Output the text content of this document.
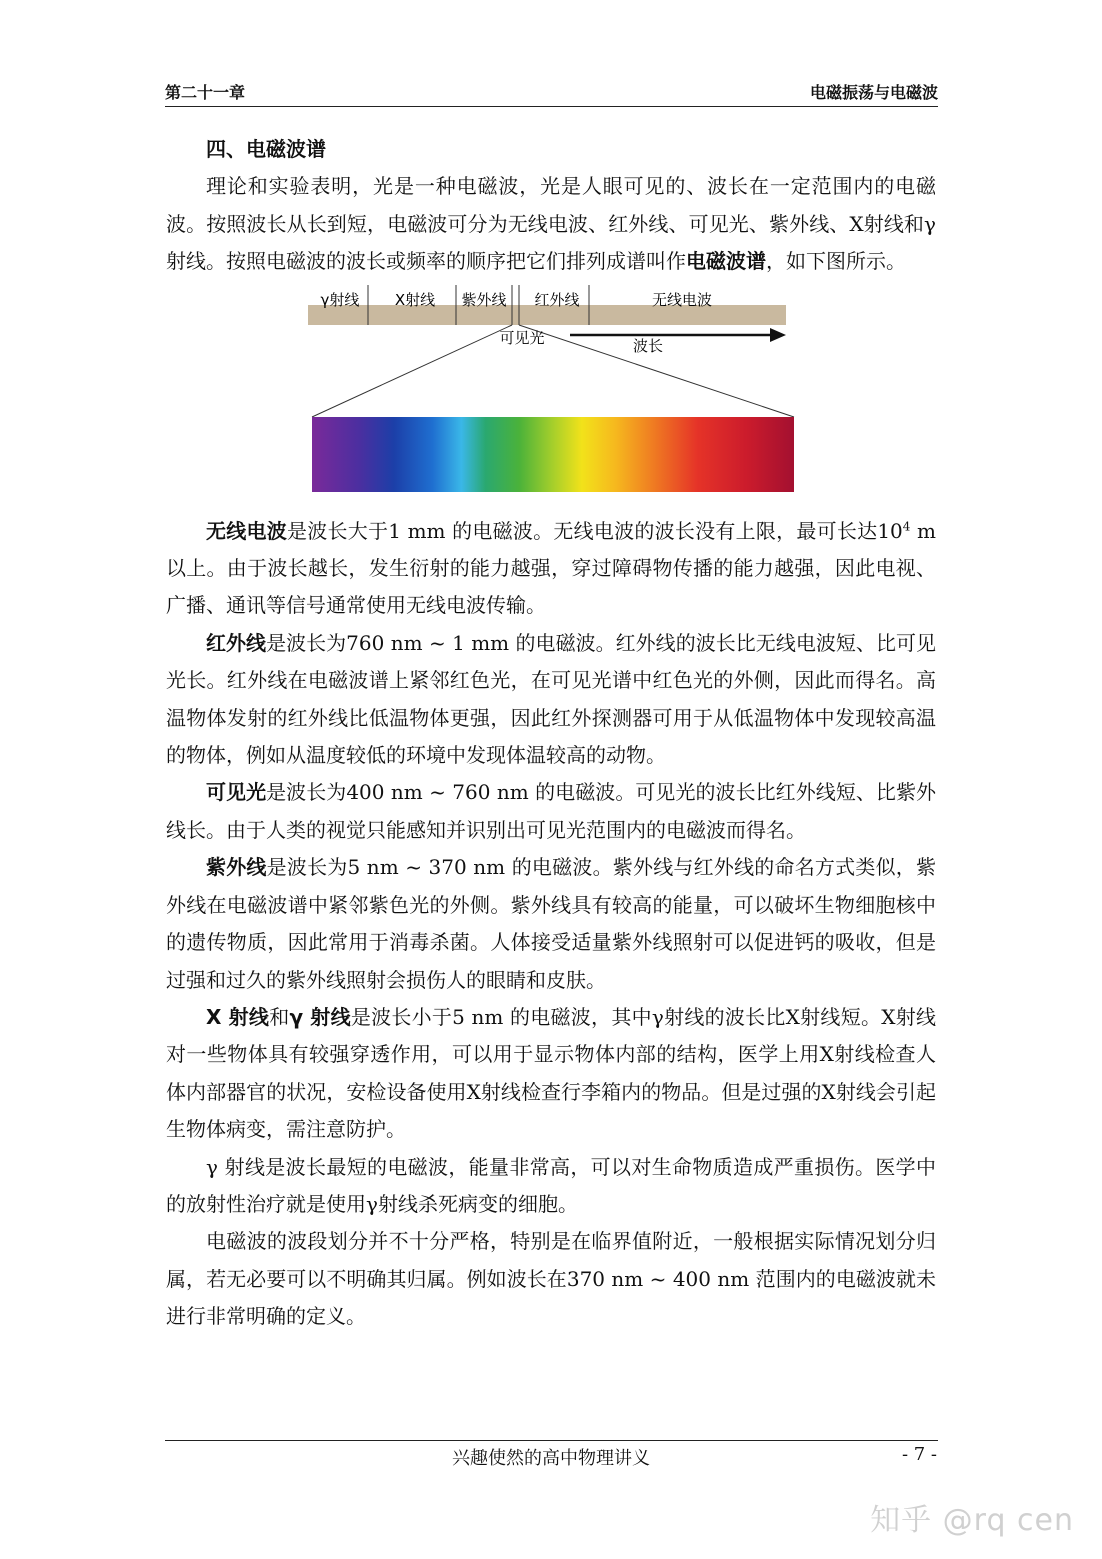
第二十一章	电磁振荡与电磁波
四、电磁波谱

理论和实验表明，光是一种电磁波，光是人眼可见的、波长在一定范围内的电磁波。按照波长从长到短，电磁波可分为无线电波、红外线、可见光、紫外线、X射线和γ射线。按照电磁波的波长或频率的顺序把它们排列成谱叫作电磁波谱，如下图所示。

γ射线 X射线 紫外线 红外线	无线电波
可见光	波长

无线电波是波长大于1 mm 的电磁波。无线电波的波长没有上限，最可长达$10^4$ m 以上。由于波长越长，发生衍射的能力越强，穿过障碍物传播的能力越强，因此电视、广播、通讯等信号通常使用无线电波传输。

红外线是波长为760 nm ~ 1 mm 的电磁波。红外线的波长比无线电波短、比可见光长。红外线在电磁波谱上紧邻红色光，在可见光谱中红色光的外侧，因此而得名。高温物体发射的红外线比低温物体更强，因此红外探测器可用于从低温物体中发现较高温的物体，例如从温度较低的环境中发现体温较高的动物。

可见光是波长为400 nm ~ 760 nm 的电磁波。可见光的波长比红外线短、比紫外线长。由于人类的视觉只能感知并识别出可见光范围内的电磁波而得名。

紫外线是波长为5 nm ~ 370 nm 的电磁波。紫外线与红外线的命名方式类似，紫外线在电磁波谱中紧邻紫色光的外侧。紫外线具有较高的能量，可以破坏生物细胞核中的遗传物质，因此常用于消毒杀菌。人体接受适量紫外线照射可以促进钙的吸收，但是过强和过久的紫外线照射会损伤人的眼睛和皮肤。

X 射线和γ 射线是波长小于5 nm 的电磁波，其中γ射线的波长比X射线短。X射线对一些物体具有较强穿透作用，可以用于显示物体内部的结构，医学上用X射线检查人体内部器官的状况，安检设备使用X射线检查行李箱内的物品。但是过强的X射线会引起生物体病变，需注意防护。

γ 射线是波长最短的电磁波，能量非常高，可以对生命物质造成严重损伤。医学中的放射性治疗就是使用γ射线杀死病变的细胞。

电磁波的波段划分并不十分严格，特别是在临界值附近，一般根据实际情况划分归属，若无必要可以不明确其归属。例如波长在370 nm ~ 400 nm 范围内的电磁波就未进行非常明确的定义。

兴趣使然的高中物理讲义	- 7 -
知乎 @rq cen
